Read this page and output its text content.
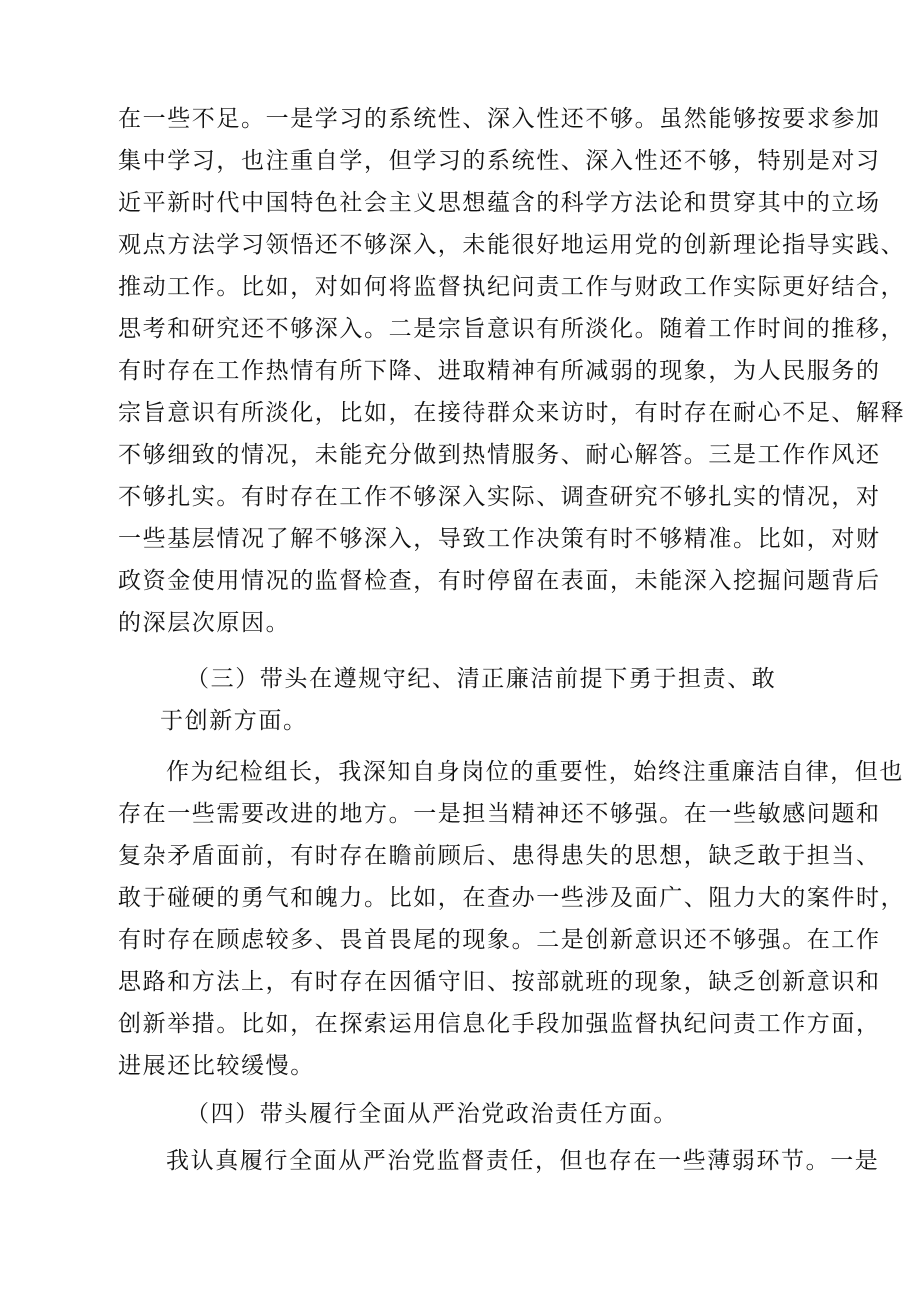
在一些不足。一是学习的系统性、深入性还不够。虽然能够按要求参加
集中学习，也注重自学，但学习的系统性、深入性还不够，特别是对习
近平新时代中国特色社会主义思想蕴含的科学方法论和贯穿其中的立场
观点方法学习领悟还不够深入，未能很好地运用党的创新理论指导实践、
推动工作。比如，对如何将监督执纪问责工作与财政工作实际更好结合，
思考和研究还不够深入。二是宗旨意识有所淡化。随着工作时间的推移，
有时存在工作热情有所下降、进取精神有所减弱的现象，为人民服务的
宗旨意识有所淡化，比如，在接待群众来访时，有时存在耐心不足、解释
不够细致的情况，未能充分做到热情服务、耐心解答。三是工作作风还
不够扎实。有时存在工作不够深入实际、调查研究不够扎实的情况，对
一些基层情况了解不够深入，导致工作决策有时不够精准。比如，对财
政资金使用情况的监督检查，有时停留在表面，未能深入挖掘问题背后
的深层次原因。
（三）带头在遵规守纪、清正廉洁前提下勇于担责、敢
于创新方面。
作为纪检组长，我深知自身岗位的重要性，始终注重廉洁自律，但也
存在一些需要改进的地方。一是担当精神还不够强。在一些敏感问题和
复杂矛盾面前，有时存在瞻前顾后、患得患失的思想，缺乏敢于担当、
敢于碰硬的勇气和魄力。比如，在查办一些涉及面广、阻力大的案件时，
有时存在顾虑较多、畏首畏尾的现象。二是创新意识还不够强。在工作
思路和方法上，有时存在因循守旧、按部就班的现象，缺乏创新意识和
创新举措。比如，在探索运用信息化手段加强监督执纪问责工作方面，
进展还比较缓慢。
（四）带头履行全面从严治党政治责任方面。
我认真履行全面从严治党监督责任，但也存在一些薄弱环节。一是
